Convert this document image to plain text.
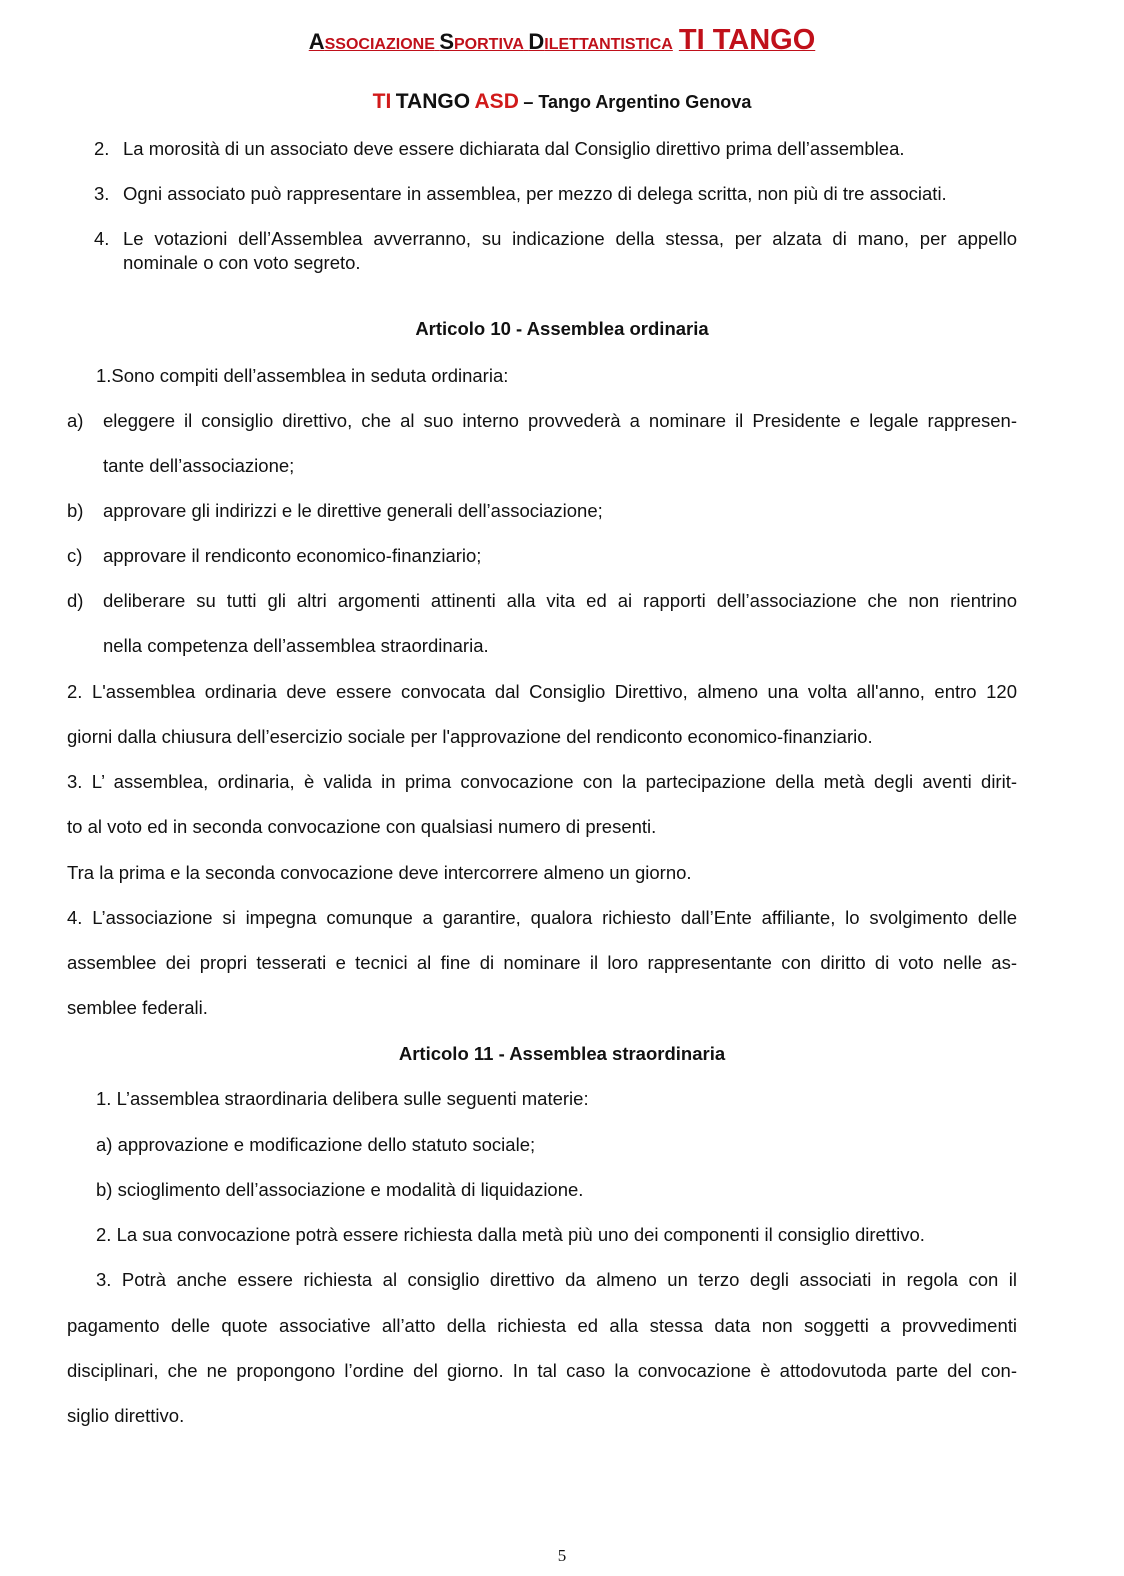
ASSOCIAZIONE SPORTIVA DILETTANTISTICA TI TANGO
TI TANGO ASD – Tango Argentino Genova
2. La morosità di un associato deve essere dichiarata dal Consiglio direttivo prima dell’assemblea.
3. Ogni associato può rappresentare in assemblea, per mezzo di delega scritta, non più di tre associati.
4. Le votazioni dell’Assemblea avverranno, su indicazione della stessa, per alzata di mano, per appello
nominale o con voto segreto.
Articolo 10 - Assemblea ordinaria
1.Sono compiti dell’assemblea in seduta ordinaria:
a) eleggere il consiglio direttivo, che al suo interno provvederà a nominare il Presidente e legale rappresen-
tante dell’associazione;
b) approvare gli indirizzi e le direttive generali dell’associazione;
c) approvare il rendiconto economico-finanziario;
d) deliberare su tutti gli altri argomenti attinenti alla vita ed ai rapporti dell’associazione che non rientrino
nella competenza dell’assemblea straordinaria.
2. L'assemblea ordinaria deve essere convocata dal Consiglio Direttivo, almeno una volta all'anno, entro 120
giorni dalla chiusura dell’esercizio sociale per l'approvazione del rendiconto economico-finanziario.
3. L’ assemblea, ordinaria, è valida in prima convocazione con la partecipazione della metà degli aventi dirit-
to al voto ed in seconda convocazione con qualsiasi numero di presenti.
Tra la prima e la seconda convocazione deve intercorrere almeno un giorno.
4. L’associazione si impegna comunque a garantire, qualora richiesto dall’Ente affiliante, lo svolgimento delle
assemblee dei propri tesserati e tecnici al fine di nominare il loro rappresentante con diritto di voto nelle as-
semblee federali.
Articolo 11 - Assemblea straordinaria
1. L’assemblea straordinaria delibera sulle seguenti materie:
a) approvazione e modificazione dello statuto sociale;
b) scioglimento dell’associazione e modalità di liquidazione.
2. La sua convocazione potrà essere richiesta dalla metà più uno dei componenti il consiglio direttivo.
3. Potrà anche essere richiesta al consiglio direttivo da almeno un terzo degli associati in regola con il
pagamento delle quote associative all’atto della richiesta ed alla stessa data non soggetti a provvedimenti
disciplinari, che ne propongono l’ordine del giorno. In tal caso la convocazione è attodovutoda parte del con-
siglio direttivo.
5
